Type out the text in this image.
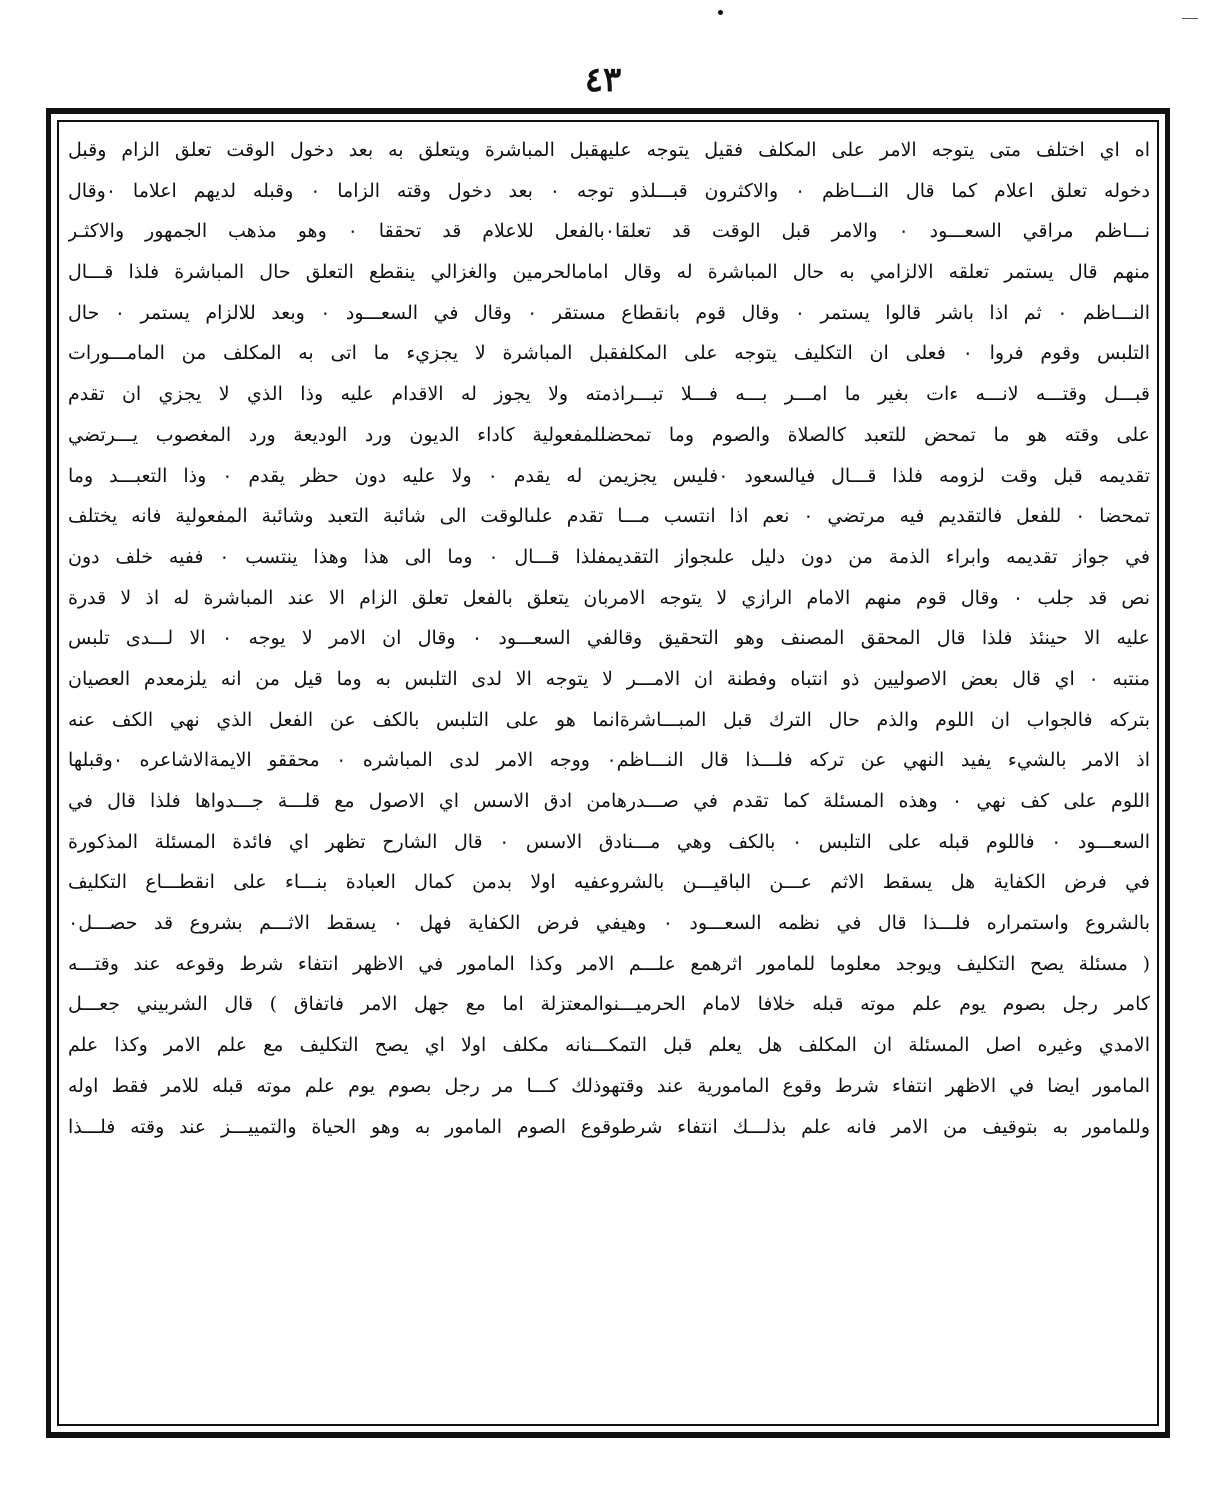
٤٣
اه اي اختلف متى يتوجه الامر على المكلف فقيل يتوجه عليهقبل المباشرة ويتعلق به بعد دخول الوقت تعلق الزام وقبل
دخوله تعلق اعلام كما قال النـــاظم ٠ والاكثرون قبـــلذو توجه ٠ بعد دخول وقته الزاما ٠ وقبله لديهم اعلاما ٠وقال
نـــاظم مراقي السعـــود ٠ والامر قبل الوقت قد تعلقا٠بالفعل للاعلام قد تحققا ٠ وهو مذهب الجمهور والاكثـر
منهم قال يستمر تعلقه الالزامي به حال المباشرة له وقال امامالحرمين والغزالي ينقطع التعلق حال المباشرة فلذا قـــال
النـــاظم ٠ ثم اذا باشر قالوا يستمر ٠ وقال قوم بانقطاع مستقر ٠ وقال في السعـــود ٠ وبعد للالزام يستمر ٠ حال
التلبس وقوم فروا ٠ فعلى ان التكليف يتوجه على المكلفقبل المباشرة لا يجزيء ما اتى به المكلف من المامـــورات
قبـــل وقتـــه لانـــه ءات بغير ما امـــر بـــه فـــلا تبـــراذمته ولا يجوز له الاقدام عليه وذا الذي لا يجزي ان تقدم
على وقته هو ما تمحض للتعبد كالصلاة والصوم وما تمحضللمفعولية كاداء الديون ورد الوديعة ورد المغصوب يـــرتضي
تقديمه قبل وقت لزومه فلذا قـــال فيالسعود ٠فليس يجزيمن له يقدم ٠ ولا عليه دون حظر يقدم ٠ وذا التعبـــد وما
تمحضا ٠ للفعل فالتقديم فيه مرتضي ٠ نعم اذا انتسب مـــا تقدم علىالوقت الى شائبة التعبد وشائبة المفعولية فانه يختلف
في جواز تقديمه وابراء الذمة من دون دليل علىجواز التقديمفلذا قـــال ٠ وما الى هذا وهذا ينتسب ٠ ففيه خلف دون
نص قد جلب ٠ وقال قوم منهم الامام الرازي لا يتوجه الامربان يتعلق بالفعل تعلق الزام الا عند المباشرة له اذ لا قدرة
عليه الا حينئذ فلذا قال المحقق المصنف وهو التحقيق وقالفي السعـــود ٠ وقال ان الامر لا يوجه ٠ الا لـــدى تلبس
منتبه ٠ اي قال بعض الاصوليين ذو انتباه وفطنة ان الامـــر لا يتوجه الا لدى التلبس به وما قيل من انه يلزمعدم العصيان
بتركه فالجواب ان اللوم والذم حال الترك قبل المبـــاشرةانما هو على التلبس بالكف عن الفعل الذي نهي الكف عنه
اذ الامر بالشيء يفيد النهي عن تركه فلـــذا قال النـــاظم٠ ووجه الامر لدى المباشره ٠ محققو الايمةالاشاعره ٠وقبلها
اللوم على كف نهي ٠ وهذه المسئلة كما تقدم في صـــدرهامن ادق الاسس اي الاصول مع قلـــة جـــدواها فلذا قال في
السعـــود ٠ فاللوم قبله على التلبس ٠ بالكف وهي مـــنادق الاسس ٠ قال الشارح تظهر اي فائدة المسئلة المذكورة
في فرض الكفاية هل يسقط الاثم عـــن الباقيـــن بالشروعفيه اولا بدمن كمال العبادة بنـــاء على انقطـــاع التكليف
بالشروع واستمراره فلـــذا قال في نظمه السعـــود ٠ وهيفي فرض الكفاية فهل ٠ يسقط الاثـــم بشروع قد حصـــل٠
( مسئلة يصح التكليف ويوجد معلوما للمامور اثرهمع علـــم الامر وكذا المامور في الاظهر انتفاء شرط وقوعه عند وقتـــه
كامر رجل بصوم يوم علم موته قبله خلافا لامام الحرميـــنوالمعتزلة اما مع جهل الامر فاتفاق ) قال الشربيني جعـــل
الامدي وغيره اصل المسئلة ان المكلف هل يعلم قبل التمكـــنانه مكلف اولا اي يصح التكليف مع علم الامر وكذا علم
المامور ايضا في الاظهر انتفاء شرط وقوع المامورية عند وقتهوذلك كـــا مر رجل بصوم يوم علم موته قبله للامر فقط اوله
وللمامور به بتوقيف من الامر فانه علم بذلـــك انتفاء شرطوقوع الصوم المامور به وهو الحياة والتمييـــز عند وقته فلـــذا
